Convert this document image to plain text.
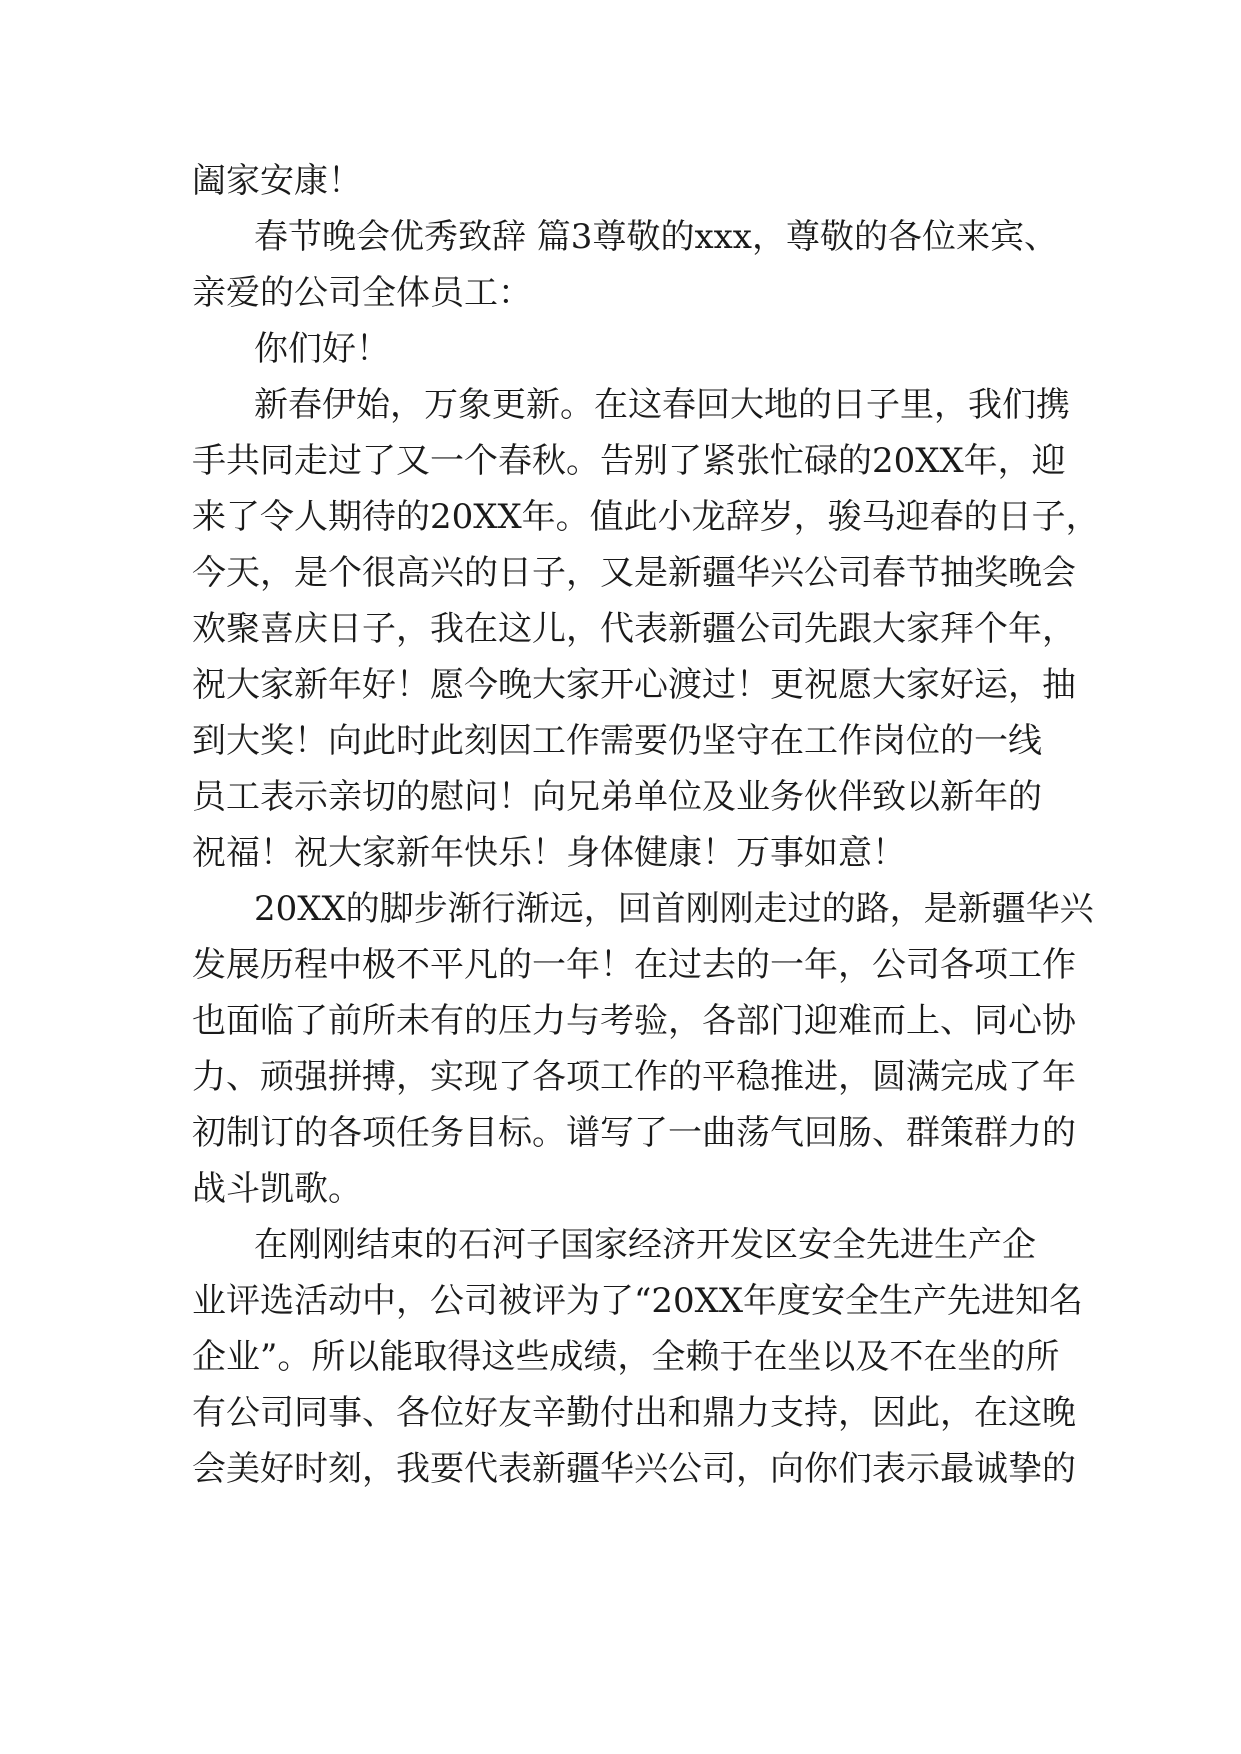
阖家安康！
春节晚会优秀致辞 篇3尊敬的xxx，尊敬的各位来宾、
亲爱的公司全体员工：
你们好！
新春伊始，万象更新。在这春回大地的日子里，我们携
手共同走过了又一个春秋。告别了紧张忙碌的20XX年，迎
来了令人期待的20XX年。值此小龙辞岁，骏马迎春的日子，
今天，是个很高兴的日子，又是新疆华兴公司春节抽奖晚会
欢聚喜庆日子，我在这儿，代表新疆公司先跟大家拜个年，
祝大家新年好！愿今晚大家开心渡过！更祝愿大家好运，抽
到大奖！向此时此刻因工作需要仍坚守在工作岗位的一线
员工表示亲切的慰问！向兄弟单位及业务伙伴致以新年的
祝福！祝大家新年快乐！身体健康！万事如意！
20XX的脚步渐行渐远，回首刚刚走过的路，是新疆华兴
发展历程中极不平凡的一年！在过去的一年，公司各项工作
也面临了前所未有的压力与考验，各部门迎难而上、同心协
力、顽强拼搏，实现了各项工作的平稳推进，圆满完成了年
初制订的各项任务目标。谱写了一曲荡气回肠、群策群力的
战斗凯歌。
在刚刚结束的石河子国家经济开发区安全先进生产企
业评选活动中，公司被评为了“20XX年度安全生产先进知名
企业”。所以能取得这些成绩，全赖于在坐以及不在坐的所
有公司同事、各位好友辛勤付出和鼎力支持，因此，在这晚
会美好时刻，我要代表新疆华兴公司，向你们表示最诚挚的
